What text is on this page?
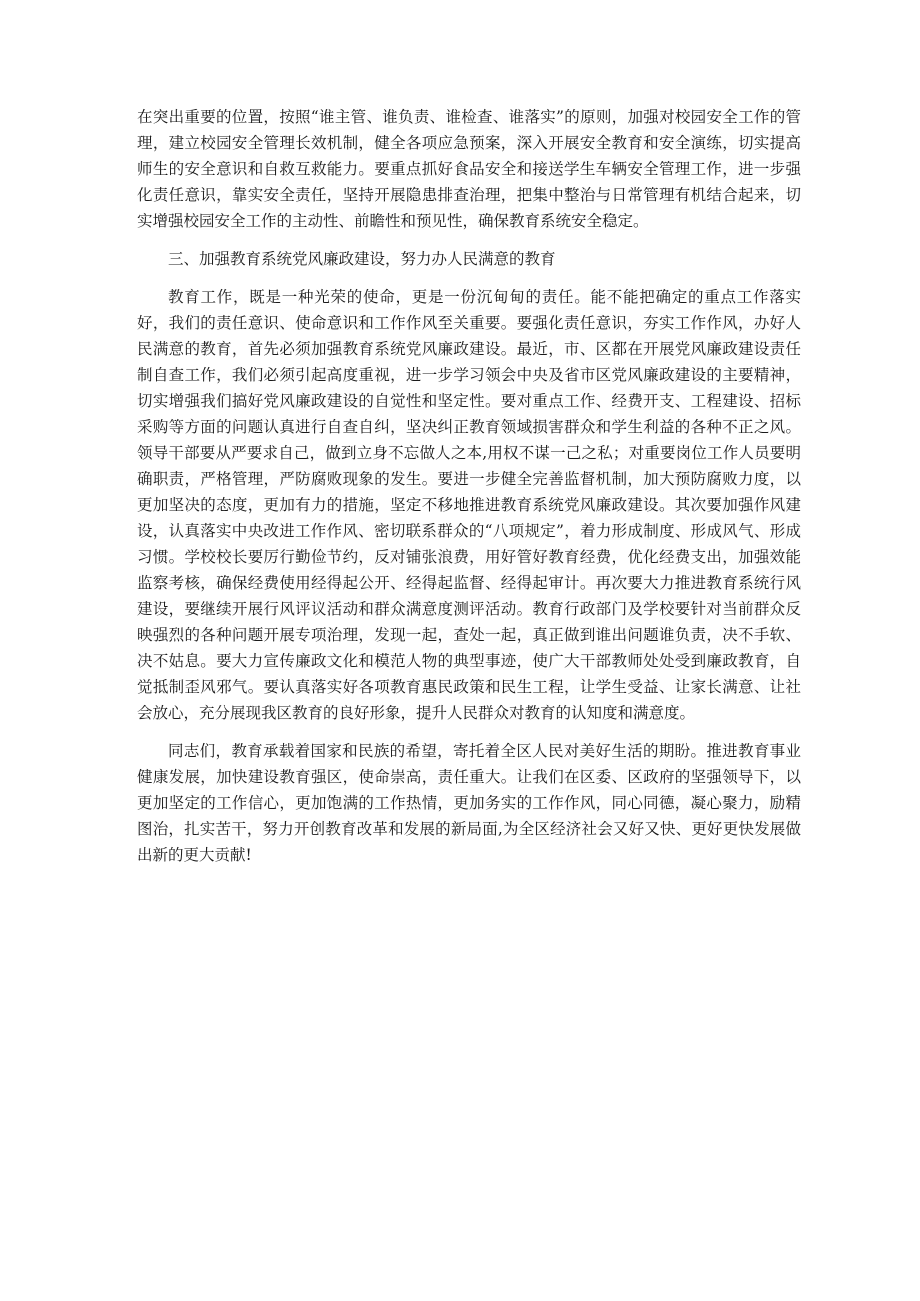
在突出重要的位置，按照“谁主管、谁负责、谁检查、谁落实”的原则，加强对校园安全工作的管理，建立校园安全管理长效机制，健全各项应急预案，深入开展安全教育和安全演练，切实提高师生的安全意识和自救互救能力。要重点抓好食品安全和接送学生车辆安全管理工作，进一步强化责任意识，靠实安全责任，坚持开展隐患排查治理，把集中整治与日常管理有机结合起来，切实增强校园安全工作的主动性、前瞻性和预见性，确保教育系统安全稳定。

三、加强教育系统党风廉政建设，努力办人民满意的教育

教育工作，既是一种光荣的使命，更是一份沉甸甸的责任。能不能把确定的重点工作落实好，我们的责任意识、使命意识和工作作风至关重要。要强化责任意识，夯实工作作风，办好人民满意的教育，首先必须加强教育系统党风廉政建设。最近，市、区都在开展党风廉政建设责任制自查工作，我们必须引起高度重视，进一步学习领会中央及省市区党风廉政建设的主要精神，切实增强我们搞好党风廉政建设的自觉性和坚定性。要对重点工作、经费开支、工程建设、招标采购等方面的问题认真进行自查自纠，坚决纠正教育领域损害群众和学生利益的各种不正之风。领导干部要从严要求自己，做到立身不忘做人之本,用权不谋一己之私；对重要岗位工作人员要明确职责，严格管理，严防腐败现象的发生。要进一步健全完善监督机制，加大预防腐败力度，以更加坚决的态度，更加有力的措施，坚定不移地推进教育系统党风廉政建设。其次要加强作风建设，认真落实中央改进工作作风、密切联系群众的“八项规定”，着力形成制度、形成风气、形成习惯。学校校长要厉行勤俭节约，反对铺张浪费，用好管好教育经费，优化经费支出，加强效能监察考核，确保经费使用经得起公开、经得起监督、经得起审计。再次要大力推进教育系统行风建设，要继续开展行风评议活动和群众满意度测评活动。教育行政部门及学校要针对当前群众反映强烈的各种问题开展专项治理，发现一起，查处一起，真正做到谁出问题谁负责，决不手软、决不姑息。要大力宣传廉政文化和模范人物的典型事迹，使广大干部教师处处受到廉政教育，自觉抵制歪风邪气。要认真落实好各项教育惠民政策和民生工程，让学生受益、让家长满意、让社会放心，充分展现我区教育的良好形象，提升人民群众对教育的认知度和满意度。

同志们，教育承载着国家和民族的希望，寄托着全区人民对美好生活的期盼。推进教育事业健康发展，加快建设教育强区，使命崇高，责任重大。让我们在区委、区政府的坚强领导下，以更加坚定的工作信心，更加饱满的工作热情，更加务实的工作作风，同心同德，凝心聚力，励精图治，扎实苦干，努力开创教育改革和发展的新局面,为全区经济社会又好又快、更好更快发展做出新的更大贡献!
